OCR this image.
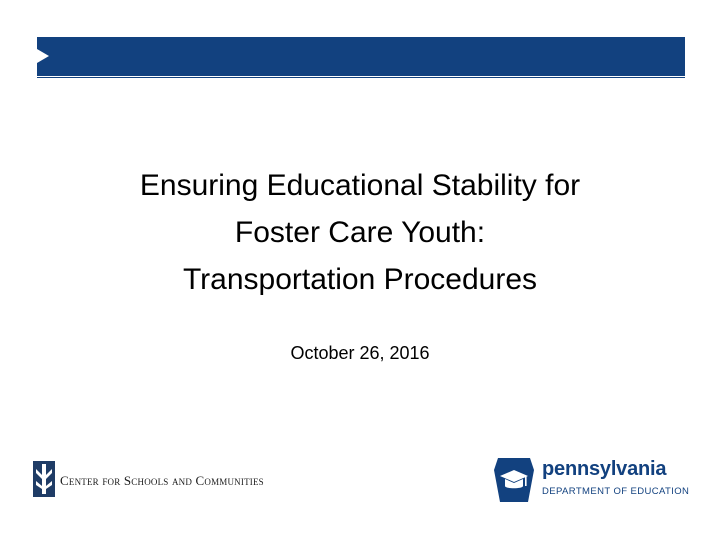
Ensuring Educational Stability for
Foster Care Youth:
Transportation Procedures
October 26, 2016
Center for Schools and Communities
pennsylvania
DEPARTMENT OF EDUCATION
